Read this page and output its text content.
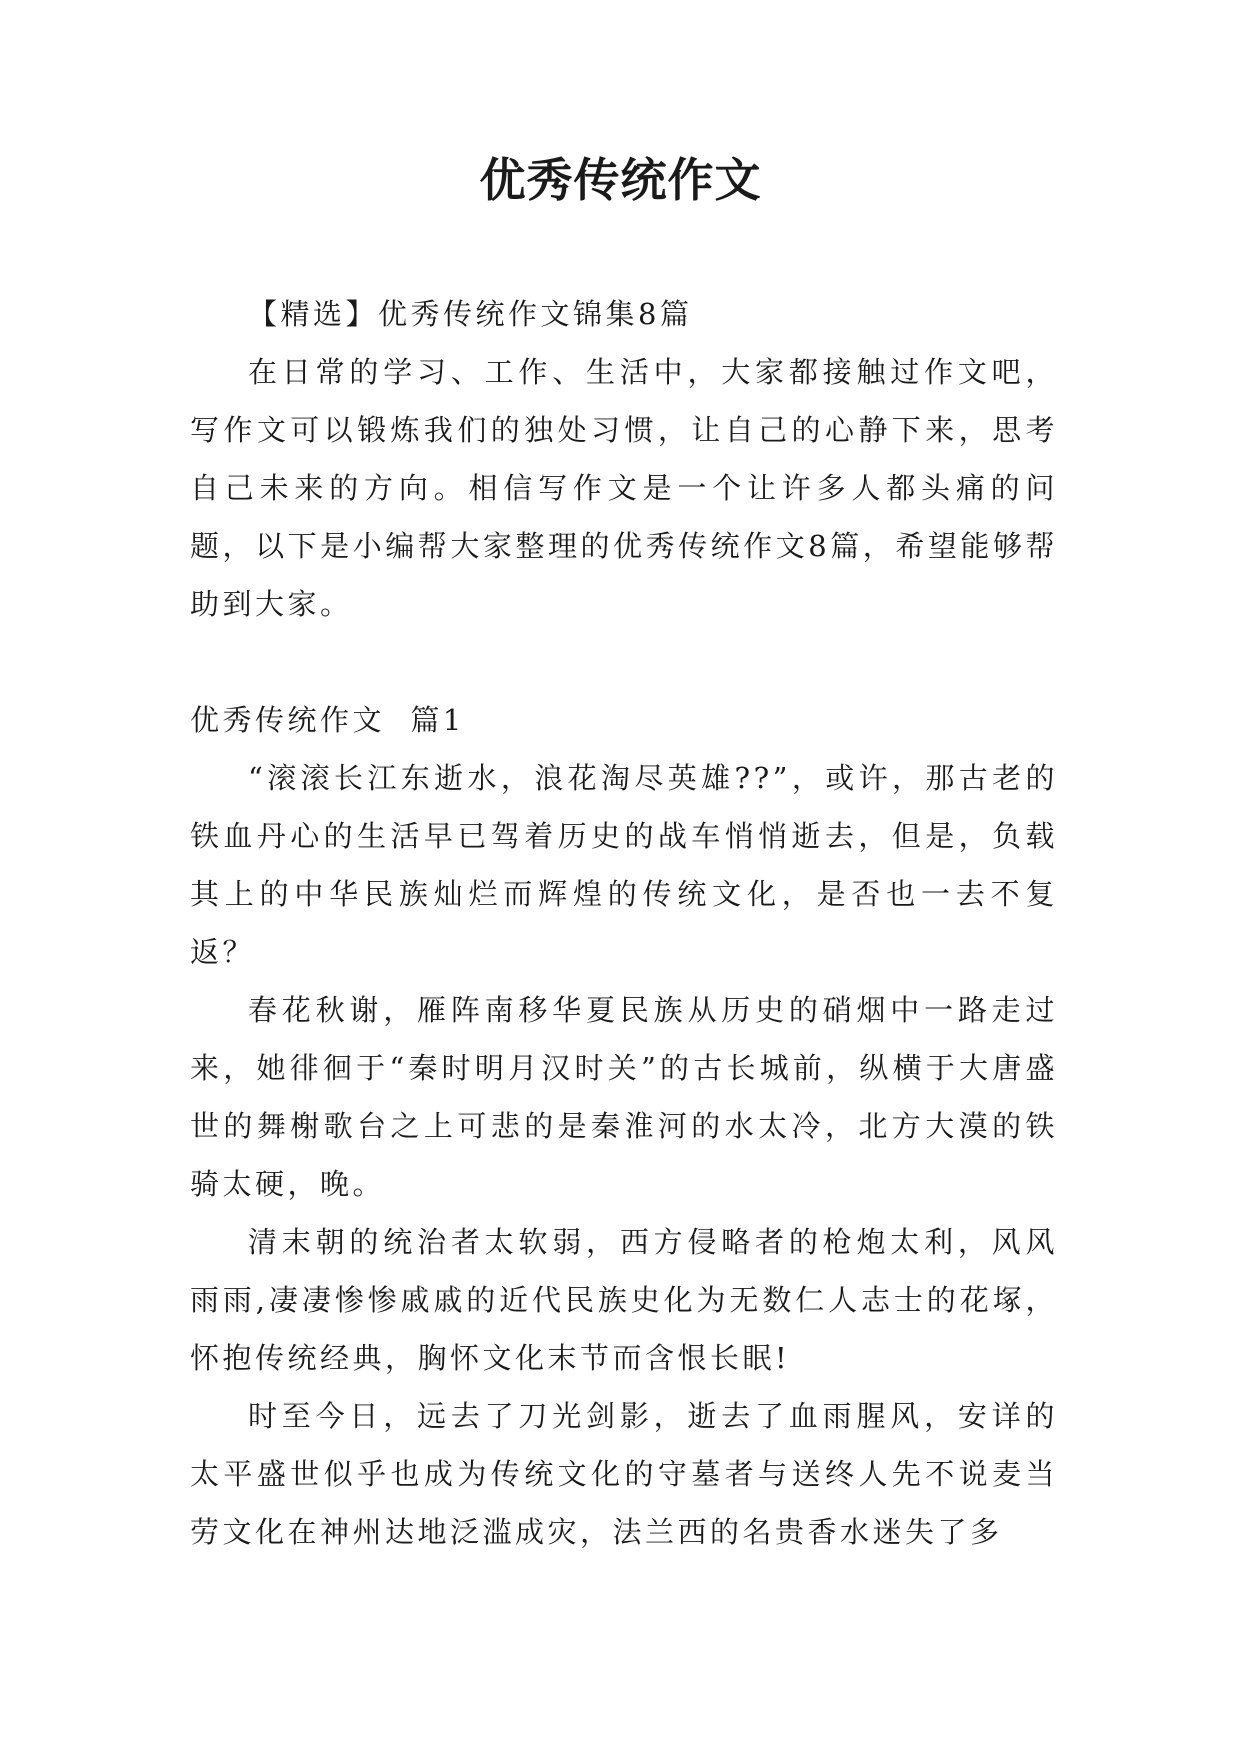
优秀传统作文

【精选】优秀传统作文锦集8篇

在日常的学习、工作、生活中，大家都接触过作文吧，写作文可以锻炼我们的独处习惯，让自己的心静下来，思考自己未来的方向。相信写作文是一个让许多人都头痛的问题，以下是小编帮大家整理的优秀传统作文8篇，希望能够帮助到大家。

优秀传统作文  篇1

“滚滚长江东逝水，浪花淘尽英雄??”，或许，那古老的铁血丹心的生活早已驾着历史的战车悄悄逝去，但是，负载其上的中华民族灿烂而辉煌的传统文化，是否也一去不复返？

春花秋谢，雁阵南移华夏民族从历史的硝烟中一路走过来，她徘徊于“秦时明月汉时关”的古长城前，纵横于大唐盛世的舞榭歌台之上可悲的是秦淮河的水太冷，北方大漠的铁骑太硬，晚。

清末朝的统治者太软弱，西方侵略者的枪炮太利，风风雨雨,凄凄惨惨戚戚的近代民族史化为无数仁人志士的花塚，怀抱传统经典，胸怀文化末节而含恨长眠!

时至今日，远去了刀光剑影，逝去了血雨腥风，安详的太平盛世似乎也成为传统文化的守墓者与送终人先不说麦当劳文化在神州达地泛滥成灾，法兰西的名贵香水迷失了多
